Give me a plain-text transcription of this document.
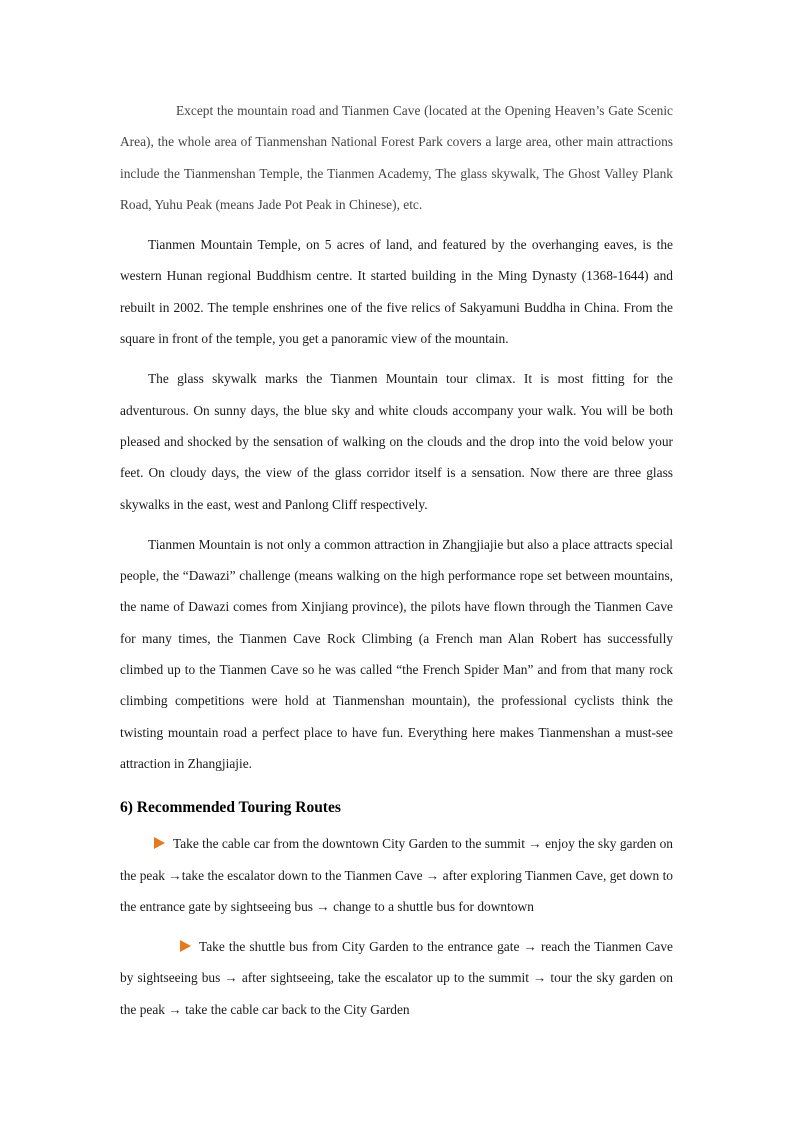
Except the mountain road and Tianmen Cave (located at the Opening Heaven’s Gate Scenic Area), the whole area of Tianmenshan National Forest Park covers a large area, other main attractions include the Tianmenshan Temple, the Tianmen Academy, The glass skywalk, The Ghost Valley Plank Road, Yuhu Peak (means Jade Pot Peak in Chinese), etc.

Tianmen Mountain Temple, on 5 acres of land, and featured by the overhanging eaves, is the western Hunan regional Buddhism centre. It started building in the Ming Dynasty (1368-1644) and rebuilt in 2002. The temple enshrines one of the five relics of Sakyamuni Buddha in China. From the square in front of the temple, you get a panoramic view of the mountain.

The glass skywalk marks the Tianmen Mountain tour climax. It is most fitting for the adventurous. On sunny days, the blue sky and white clouds accompany your walk. You will be both pleased and shocked by the sensation of walking on the clouds and the drop into the void below your feet. On cloudy days, the view of the glass corridor itself is a sensation. Now there are three glass skywalks in the east, west and Panlong Cliff respectively.

Tianmen Mountain is not only a common attraction in Zhangjiajie but also a place attracts special people, the “Dawazi” challenge (means walking on the high performance rope set between mountains, the name of Dawazi comes from Xinjiang province), the pilots have flown through the Tianmen Cave for many times, the Tianmen Cave Rock Climbing (a French man Alan Robert has successfully climbed up to the Tianmen Cave so he was called “the French Spider Man” and from that many rock climbing competitions were hold at Tianmenshan mountain), the professional cyclists think the twisting mountain road a perfect place to have fun. Everything here makes Tianmenshan a must-see attraction in Zhangjiajie.

6) Recommended Touring Routes

Take the cable car from the downtown City Garden to the summit → enjoy the sky garden on the peak →take the escalator down to the Tianmen Cave → after exploring Tianmen Cave, get down to the entrance gate by sightseeing bus → change to a shuttle bus for downtown

Take the shuttle bus from City Garden to the entrance gate → reach the Tianmen Cave by sightseeing bus → after sightseeing, take the escalator up to the summit → tour the sky garden on the peak → take the cable car back to the City Garden
